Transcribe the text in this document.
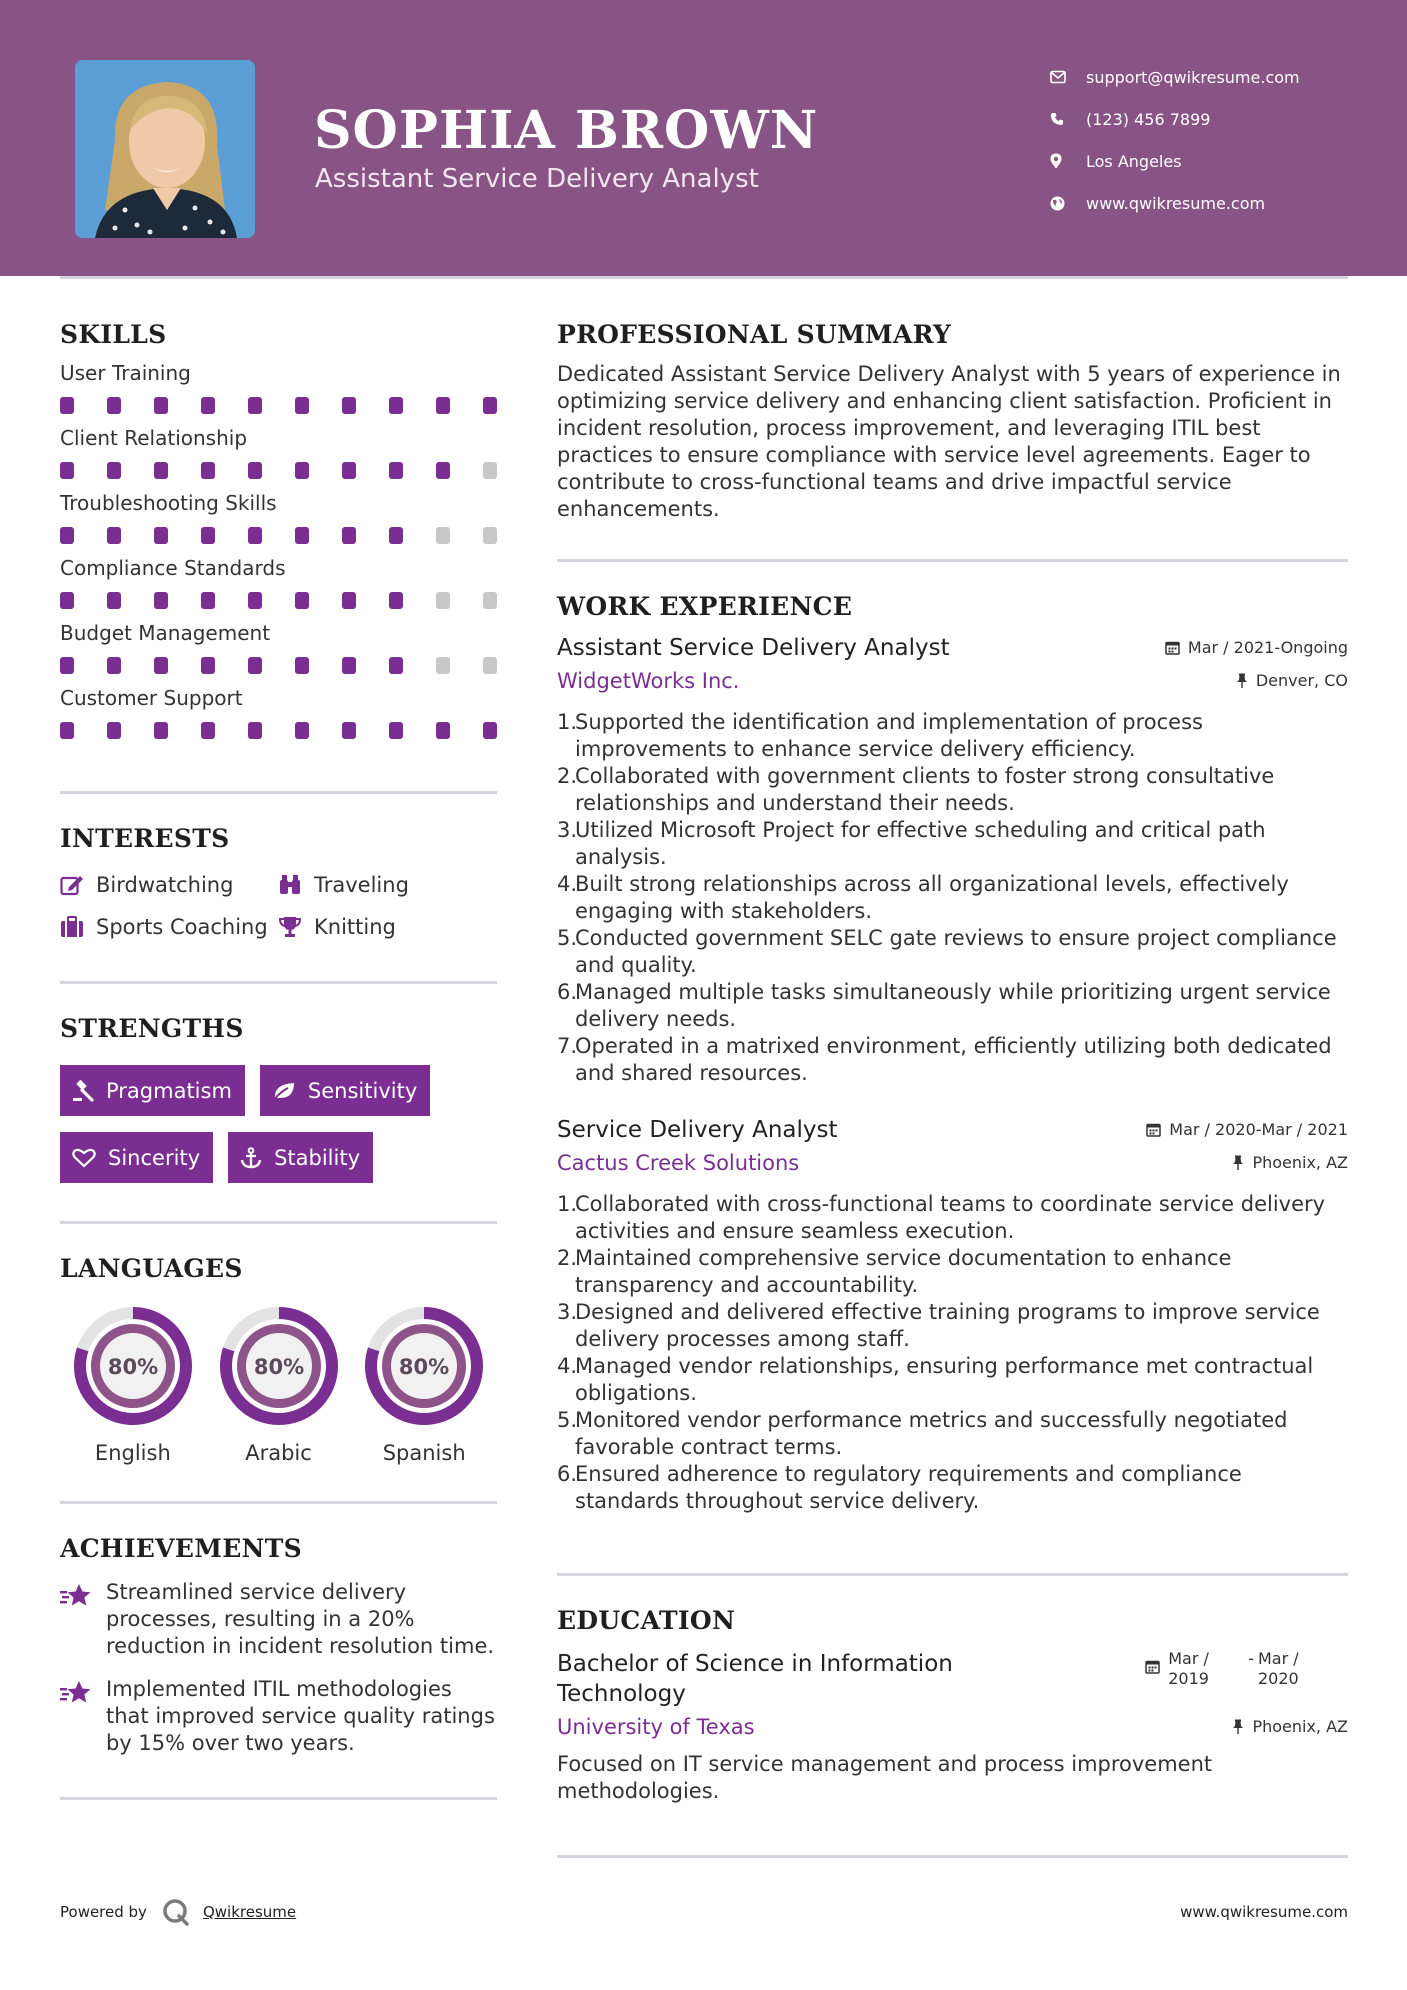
SOPHIA BROWN
Assistant Service Delivery Analyst
support@qwikresume.com
(123) 456 7899
Los Angeles
www.qwikresume.com
SKILLS
User Training
Client Relationship
Troubleshooting Skills
Compliance Standards
Budget Management
Customer Support
INTERESTS
Birdwatching	Traveling
Sports Coaching Knitting
STRENGTHS
Pragmatism	Sensitivity
Sincerity	Stability
LANGUAGES
80%
English
80%
Arabic
80%
Spanish
ACHIEVEMENTS
Streamlined service delivery processes, resulting in a 20% reduction in incident resolution time.
Implemented ITIL methodologies that improved service quality ratings by 15% over two years.
PROFESSIONAL SUMMARY
Dedicated Assistant Service Delivery Analyst with 5 years of experience in optimizing service delivery and enhancing client satisfaction. Proficient in incident resolution, process improvement, and leveraging ITIL best practices to ensure compliance with service level agreements. Eager to contribute to cross-functional teams and drive impactful service enhancements.
WORK EXPERIENCE
Assistant Service Delivery Analyst	Mar / 2021-Ongoing
WidgetWorks Inc.	Denver, CO
1.
Supported the identification and implementation of process improvements to enhance service delivery efficiency.
2.
Collaborated with government clients to foster strong consultative relationships and understand their needs.
3.
Utilized Microsoft Project for effective scheduling and critical path analysis.
4.
Built strong relationships across all organizational levels, effectively engaging with stakeholders.
5.
Conducted government SELC gate reviews to ensure project compliance and quality.
6.
Managed multiple tasks simultaneously while prioritizing urgent service delivery needs.
7.
Operated in a matrixed environment, efficiently utilizing both dedicated and shared resources.
Service Delivery Analyst	Mar / 2020-Mar / 2021
Cactus Creek Solutions	Phoenix, AZ
1.
Collaborated with cross-functional teams to coordinate service delivery activities and ensure seamless execution.
2.
Maintained comprehensive service documentation to enhance transparency and accountability.
3.
Designed and delivered effective training programs to improve service delivery processes among staff.
4.
Managed vendor relationships, ensuring performance met contractual obligations.
5.
Monitored vendor performance metrics and successfully negotiated favorable contract terms.
6.
Ensured adherence to regulatory requirements and compliance standards throughout service delivery.
EDUCATION
Bachelor of Science in Information Technology
Mar / 2019
- Mar / 2020
University of Texas	Phoenix, AZ
Focused on IT service management and process improvement methodologies.
Powered by	Qwikresume	www.qwikresume.com
